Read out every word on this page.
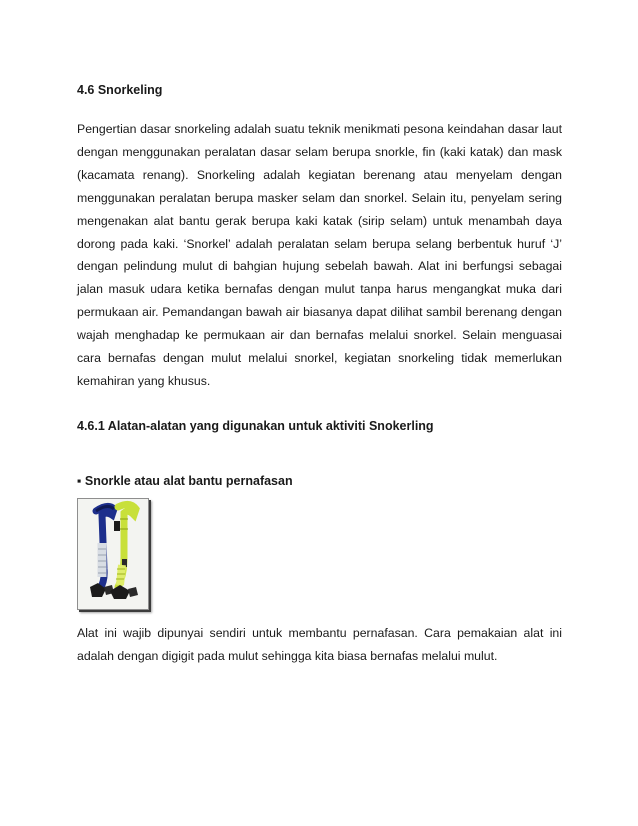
4.6 Snorkeling

Pengertian dasar snorkeling adalah suatu teknik menikmati pesona keindahan dasar laut dengan menggunakan peralatan dasar selam berupa snorkle, fin (kaki katak) dan mask (kacamata renang). Snorkeling adalah kegiatan berenang atau menyelam dengan menggunakan peralatan berupa masker selam dan snorkel. Selain itu, penyelam sering mengenakan alat bantu gerak berupa kaki katak (sirip selam) untuk menambah daya dorong pada kaki. ‘Snorkel’ adalah peralatan selam berupa selang berbentuk huruf ‘J’ dengan pelindung mulut di bahgian hujung sebelah bawah. Alat ini berfungsi sebagai jalan masuk udara ketika bernafas dengan mulut tanpa harus mengangkat muka dari permukaan air. Pemandangan bawah air biasanya dapat dilihat sambil berenang dengan wajah menghadap ke permukaan air dan bernafas melalui snorkel. Selain menguasai cara bernafas dengan mulut melalui snorkel, kegiatan snorkeling tidak memerlukan kemahiran yang khusus.

4.6.1 Alatan-alatan yang digunakan untuk aktiviti Snokerling
▪ Snorkle atau alat bantu pernafasan

Alat ini wajib dipunyai sendiri untuk membantu pernafasan. Cara pemakaian alat ini adalah dengan digigit pada mulut sehingga kita biasa bernafas melalui mulut.
